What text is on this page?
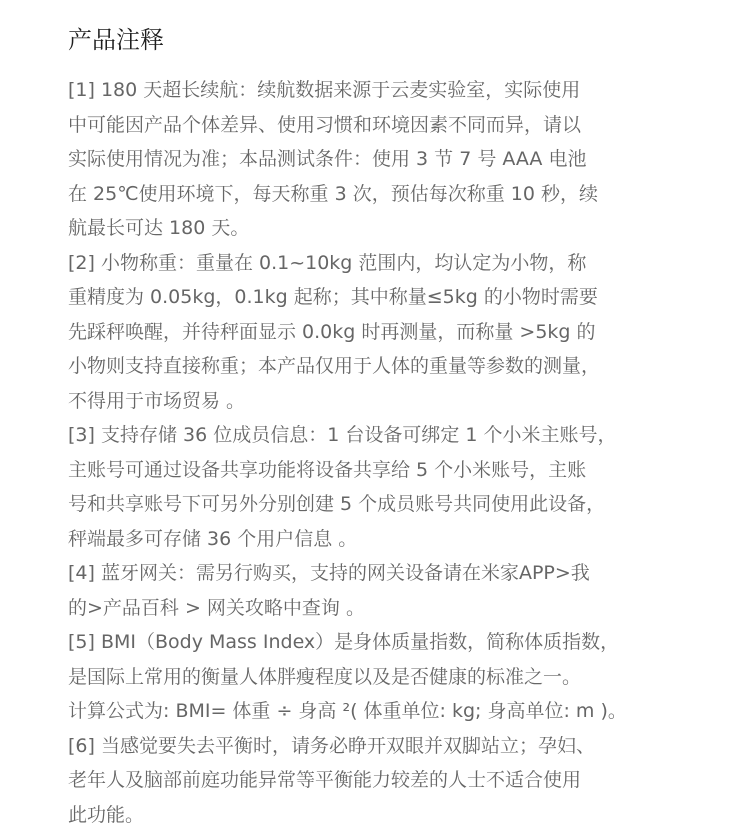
产品注释
[1] 180 天超长续航：续航数据来源于云麦实验室，实际使用
中可能因产品个体差异、使用习惯和环境因素不同而异，请以
实际使用情况为准；本品测试条件：使用 3 节 7 号 AAA 电池
在 25℃使用环境下，每天称重 3 次，预估每次称重 10 秒，续
航最长可达 180 天。
[2] 小物称重：重量在 0.1~10kg 范围内，均认定为小物，称
重精度为 0.05kg，0.1kg 起称；其中称量≤5kg 的小物时需要
先踩秤唤醒，并待秤面显示 0.0kg 时再测量，而称量 >5kg 的
小物则支持直接称重；本产品仅用于人体的重量等参数的测量，
不得用于市场贸易 。
[3] 支持存储 36 位成员信息：1 台设备可绑定 1 个小米主账号，
主账号可通过设备共享功能将设备共享给 5 个小米账号，主账
号和共享账号下可另外分别创建 5 个成员账号共同使用此设备，
秤端最多可存储 36 个用户信息 。
[4] 蓝牙网关：需另行购买，支持的网关设备请在米家APP>我
的>产品百科 > 网关攻略中查询 。
[5] BMI（Body Mass Index）是身体质量指数，简称体质指数，
是国际上常用的衡量人体胖瘦程度以及是否健康的标准之一。
计算公式为: BMI= 体重 ÷ 身高 ²( 体重单位: kg; 身高单位: m )。
[6] 当感觉要失去平衡时，请务必睁开双眼并双脚站立；孕妇、
老年人及脑部前庭功能异常等平衡能力较差的人士不适合使用
此功能。
